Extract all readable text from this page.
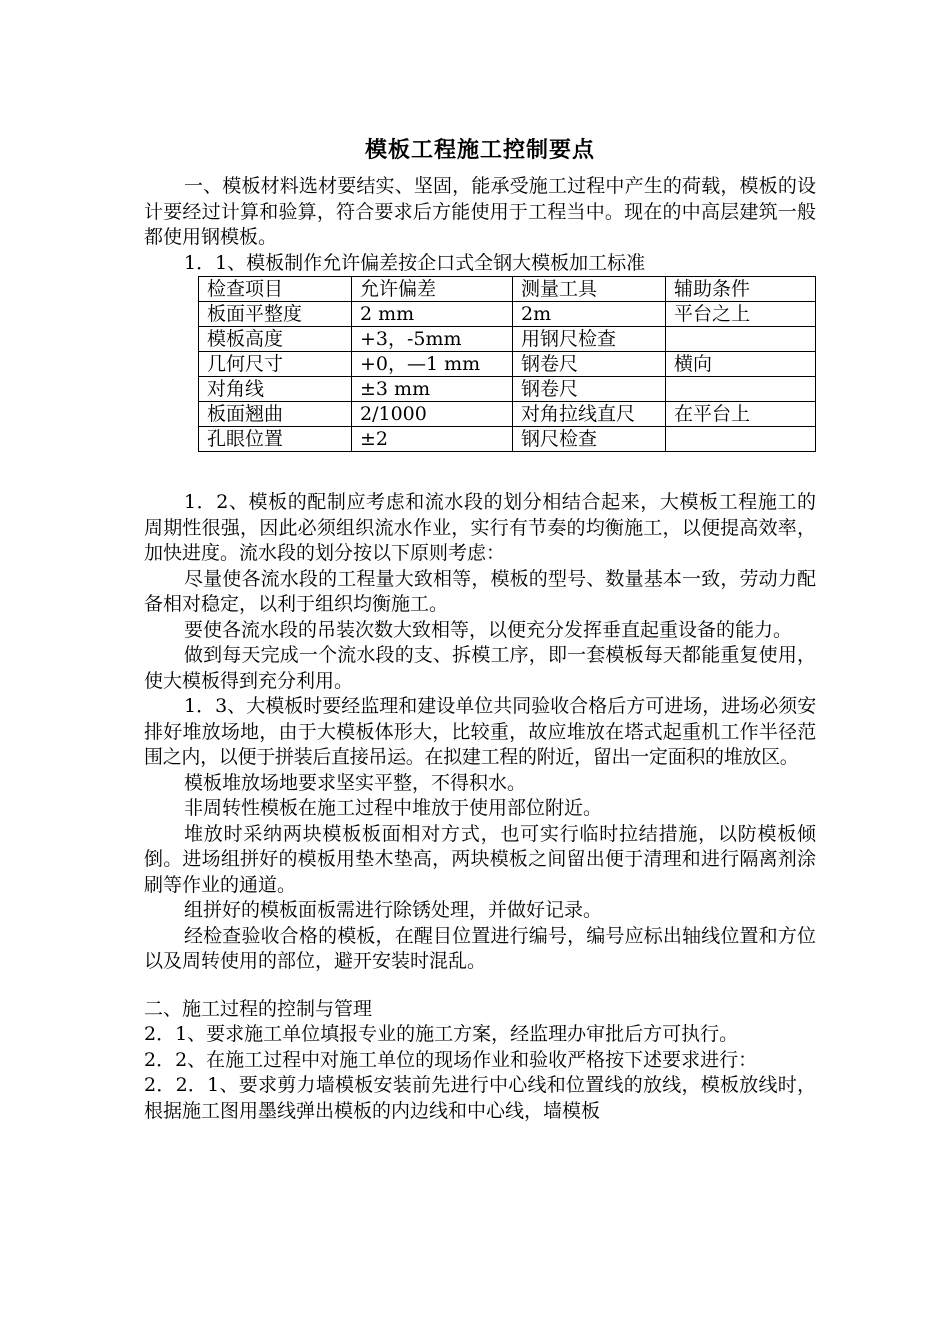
模板工程施工控制要点

一、模板材料选材要结实、坚固，能承受施工过程中产生的荷载，模板的设计要经过计算和验算，符合要求后方能使用于工程当中。现在的中高层建筑一般都使用钢模板。

1．1、模板制作允许偏差按企口式全钢大模板加工标准

检查项目	允许偏差	测量工具	辅助条件
板面平整度	2 mm	2m	平台之上
模板高度	+3，-5mm	用钢尺检查	
几何尺寸	+0，—1 mm	钢卷尺	横向
对角线	±3 mm	钢卷尺	
板面翘曲	2/1000	对角拉线直尺	在平台上
孔眼位置	±2	钢尺检查	

1．2、模板的配制应考虑和流水段的划分相结合起来，大模板工程施工的周期性很强，因此必须组织流水作业，实行有节奏的均衡施工，以便提高效率，加快进度。流水段的划分按以下原则考虑：

尽量使各流水段的工程量大致相等，模板的型号、数量基本一致，劳动力配备相对稳定，以利于组织均衡施工。

要使各流水段的吊装次数大致相等，以便充分发挥垂直起重设备的能力。

做到每天完成一个流水段的支、拆模工序，即一套模板每天都能重复使用，使大模板得到充分利用。

1．3、大模板时要经监理和建设单位共同验收合格后方可进场，进场必须安排好堆放场地，由于大模板体形大，比较重，故应堆放在塔式起重机工作半径范围之内，以便于拼装后直接吊运。在拟建工程的附近，留出一定面积的堆放区。

模板堆放场地要求坚实平整，不得积水。

非周转性模板在施工过程中堆放于使用部位附近。

堆放时采纳两块模板板面相对方式，也可实行临时拉结措施，以防模板倾倒。进场组拼好的模板用垫木垫高，两块模板之间留出便于清理和进行隔离剂涂刷等作业的通道。

组拼好的模板面板需进行除锈处理，并做好记录。

经检查验收合格的模板，在醒目位置进行编号，编号应标出轴线位置和方位以及周转使用的部位，避开安装时混乱。

二、施工过程的控制与管理

2．1、要求施工单位填报专业的施工方案，经监理办审批后方可执行。

2．2、在施工过程中对施工单位的现场作业和验收严格按下述要求进行：

2．2．1、要求剪力墙模板安装前先进行中心线和位置线的放线，模板放线时，根据施工图用墨线弹出模板的内边线和中心线，墙模板
